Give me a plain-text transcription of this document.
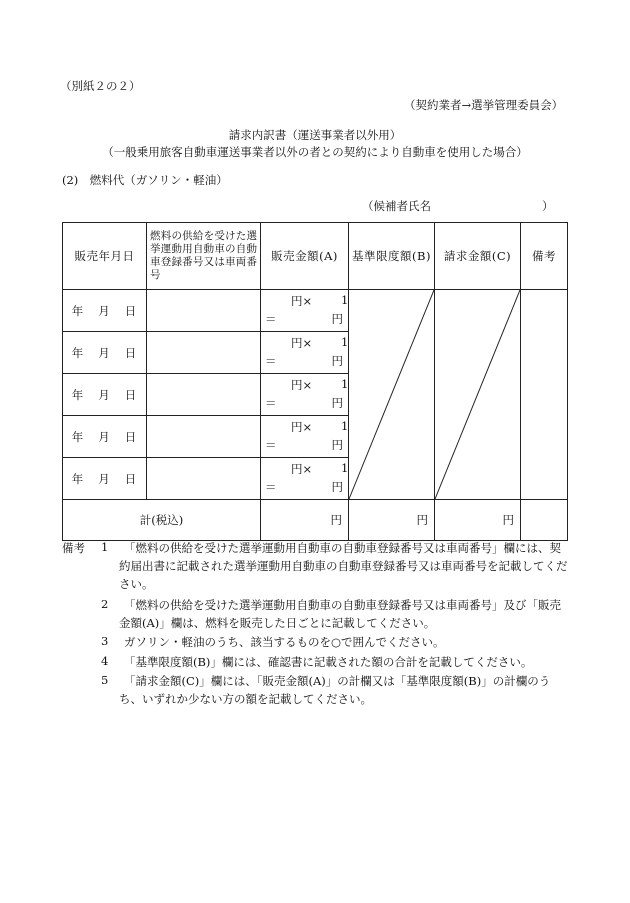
（別紙２の２）
（契約業者→選挙管理委員会）
請求内訳書（運送事業者以外用）
（一般乗用旅客自動車運送事業者以外の者との契約により自動車を使用した場合）
(2)　燃料代（ガソリン・軽油）
（候補者氏名	）
販売年月日	燃料の供給を受けた選挙運動用自動車の自動車登録番号又は車両番号	販売金額(A)	基準限度額(B)	請求金額(C)	備考
年 月 日		円× 1
＝ 円

年 月 日		円× 1
＝ 円			

年 月 日		円× 1
＝ 円			

年 月 日		円× 1
＝ 円			

年 月 日		円× 1
＝ 円			

計(税込)		円	円	円	
備考 1 「燃料の供給を受けた選挙運動用自動車の自動車登録番号又は車両番号」欄には、契
約届出書に記載された選挙運動用自動車の自動車登録番号又は車両番号を記載してくだ
さい。
2 「燃料の供給を受けた選挙運動用自動車の自動車登録番号又は車両番号」及び「販売
金額(A)」欄は、燃料を販売した日ごとに記載してください。
3 ガソリン・軽油のうち、該当するものを○で囲んでください。
4 「基準限度額(B)」欄には、確認書に記載された額の合計を記載してください。
5 「請求金額(C)」欄には、「販売金額(A)」の計欄又は「基準限度額(B)」の計欄のう
ち、いずれか少ない方の額を記載してください。
